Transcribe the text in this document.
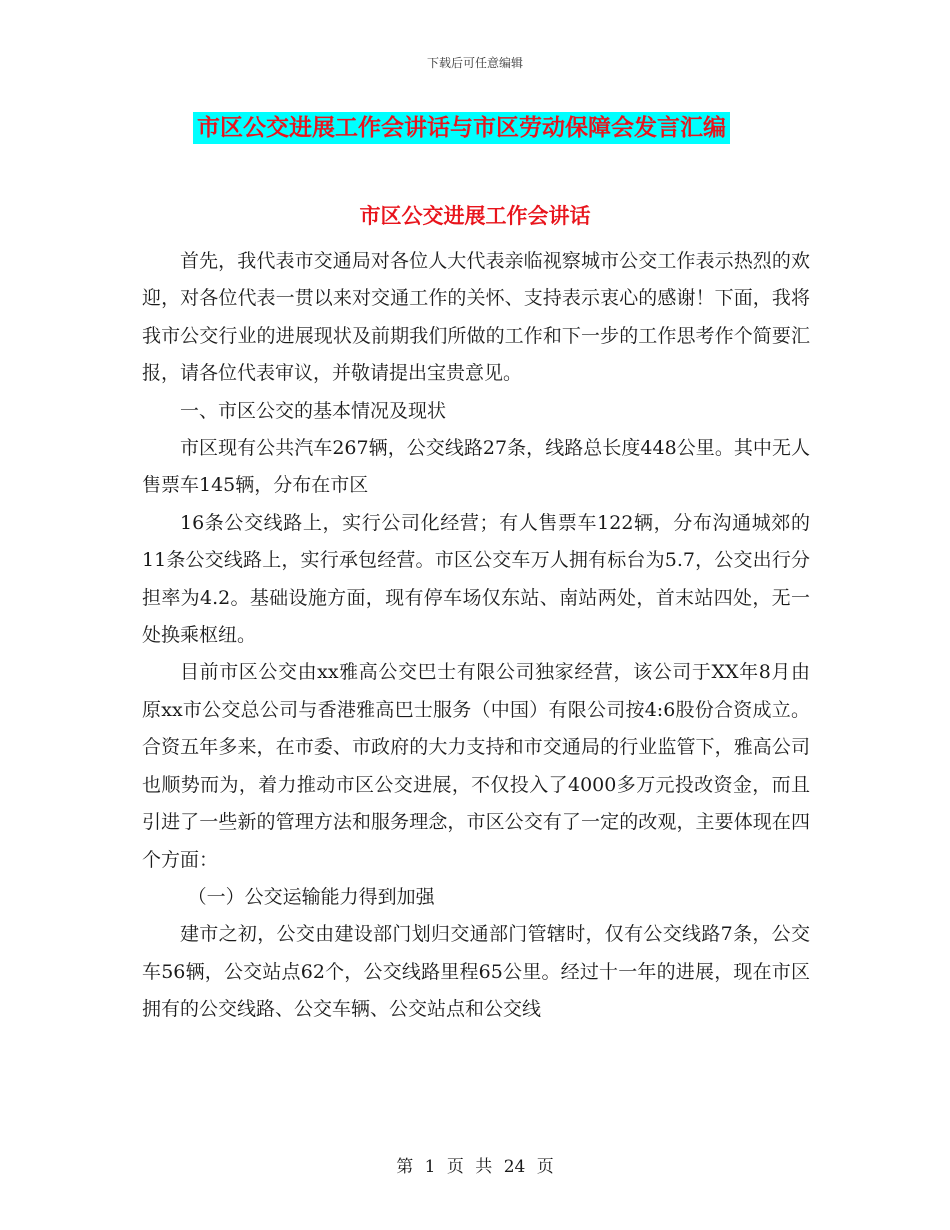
下载后可任意编辑
市区公交进展工作会讲话与市区劳动保障会发言汇编
市区公交进展工作会讲话

首先，我代表市交通局对各位人大代表亲临视察城市公交工作表示热烈的欢迎，对各位代表一贯以来对交通工作的关怀、支持表示衷心的感谢！下面，我将我市公交行业的进展现状及前期我们所做的工作和下一步的工作思考作个简要汇报，请各位代表审议，并敬请提出宝贵意见。

一、市区公交的基本情况及现状

市区现有公共汽车267辆，公交线路27条，线路总长度448公里。其中无人售票车145辆，分布在市区

16条公交线路上，实行公司化经营；有人售票车122辆，分布沟通城郊的11条公交线路上，实行承包经营。市区公交车万人拥有标台为5.7，公交出行分担率为4.2。基础设施方面，现有停车场仅东站、南站两处，首末站四处，无一处换乘枢纽。

目前市区公交由xx雅高公交巴士有限公司独家经营，该公司于XX年8月由原xx市公交总公司与香港雅高巴士服务（中国）有限公司按4:6股份合资成立。合资五年多来，在市委、市政府的大力支持和市交通局的行业监管下，雅高公司也顺势而为，着力推动市区公交进展，不仅投入了4000多万元投改资金，而且引进了一些新的管理方法和服务理念，市区公交有了一定的改观，主要体现在四个方面：

（一）公交运输能力得到加强

建市之初，公交由建设部门划归交通部门管辖时，仅有公交线路7条，公交车56辆，公交站点62个，公交线路里程65公里。经过十一年的进展，现在市区拥有的公交线路、公交车辆、公交站点和公交线

第 1 页 共 24 页
